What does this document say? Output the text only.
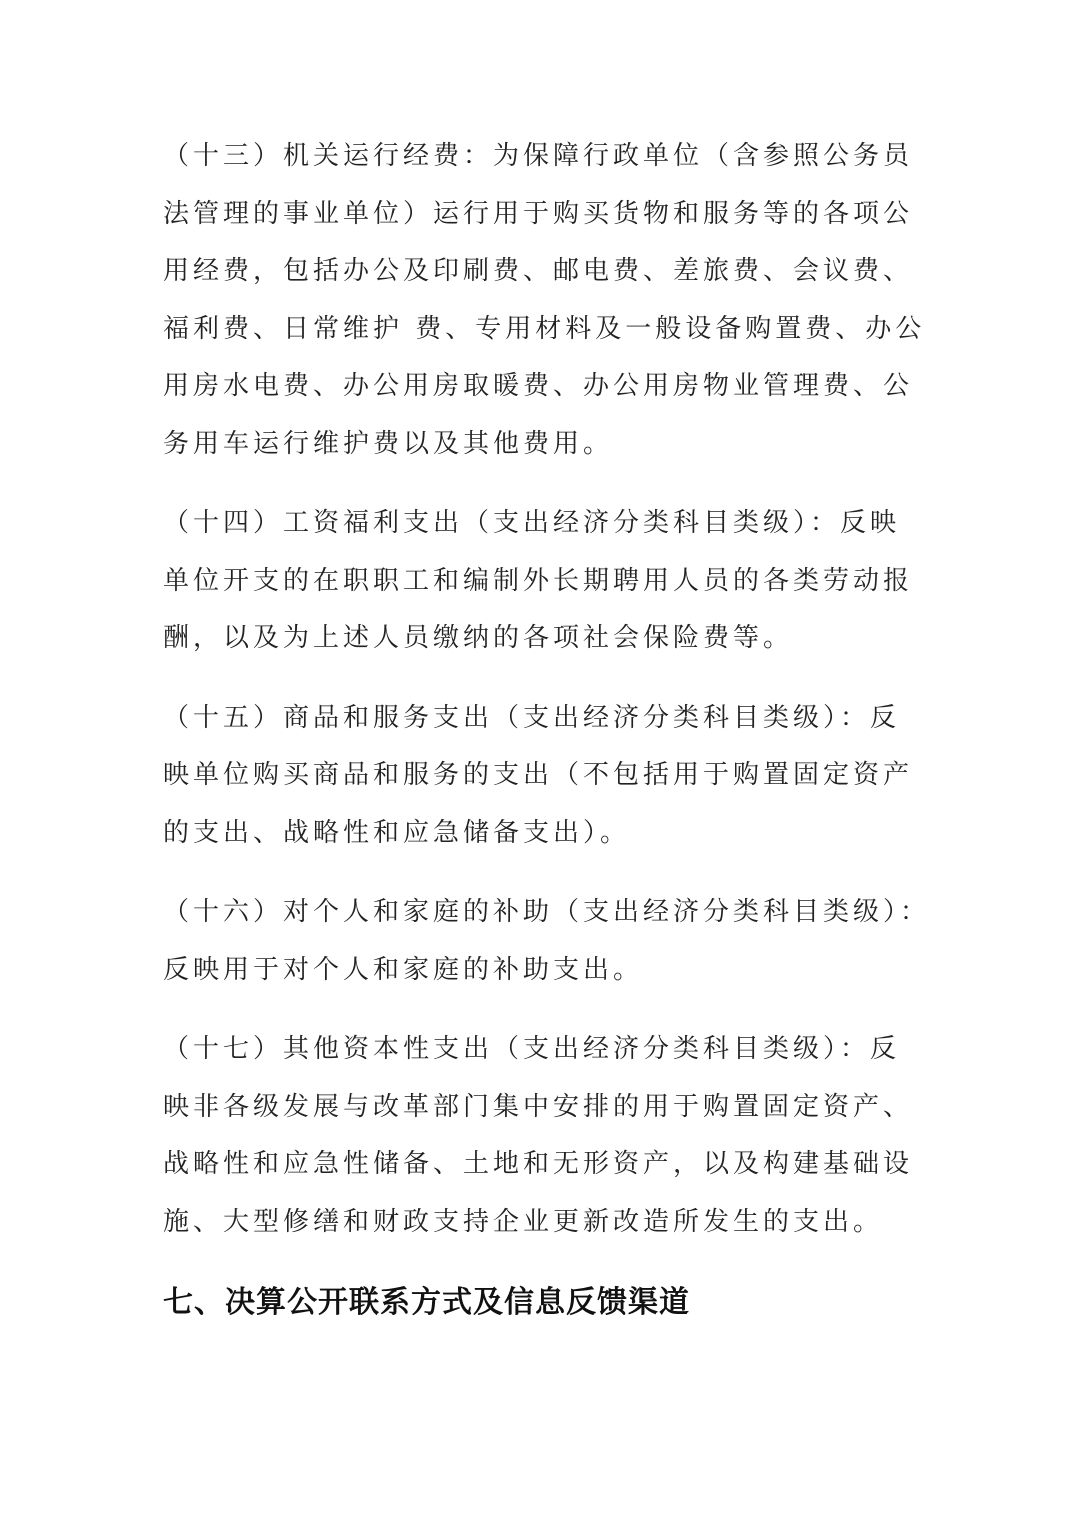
（十三）机关运行经费：为保障行政单位（含参照公务员
法管理的事业单位）运行用于购买货物和服务等的各项公
用经费，包括办公及印刷费、邮电费、差旅费、会议费、
福利费、日常维护 费、专用材料及一般设备购置费、办公
用房水电费、办公用房取暖费、办公用房物业管理费、公
务用车运行维护费以及其他费用。

（十四）工资福利支出（支出经济分类科目类级）：反映
单位开支的在职职工和编制外长期聘用人员的各类劳动报
酬，以及为上述人员缴纳的各项社会保险费等。

（十五）商品和服务支出（支出经济分类科目类级）：反
映单位购买商品和服务的支出（不包括用于购置固定资产
的支出、战略性和应急储备支出）。

（十六）对个人和家庭的补助（支出经济分类科目类级）：
反映用于对个人和家庭的补助支出。

（十七）其他资本性支出（支出经济分类科目类级）：反
映非各级发展与改革部门集中安排的用于购置固定资产、
战略性和应急性储备、土地和无形资产，以及构建基础设
施、大型修缮和财政支持企业更新改造所发生的支出。

七、决算公开联系方式及信息反馈渠道
